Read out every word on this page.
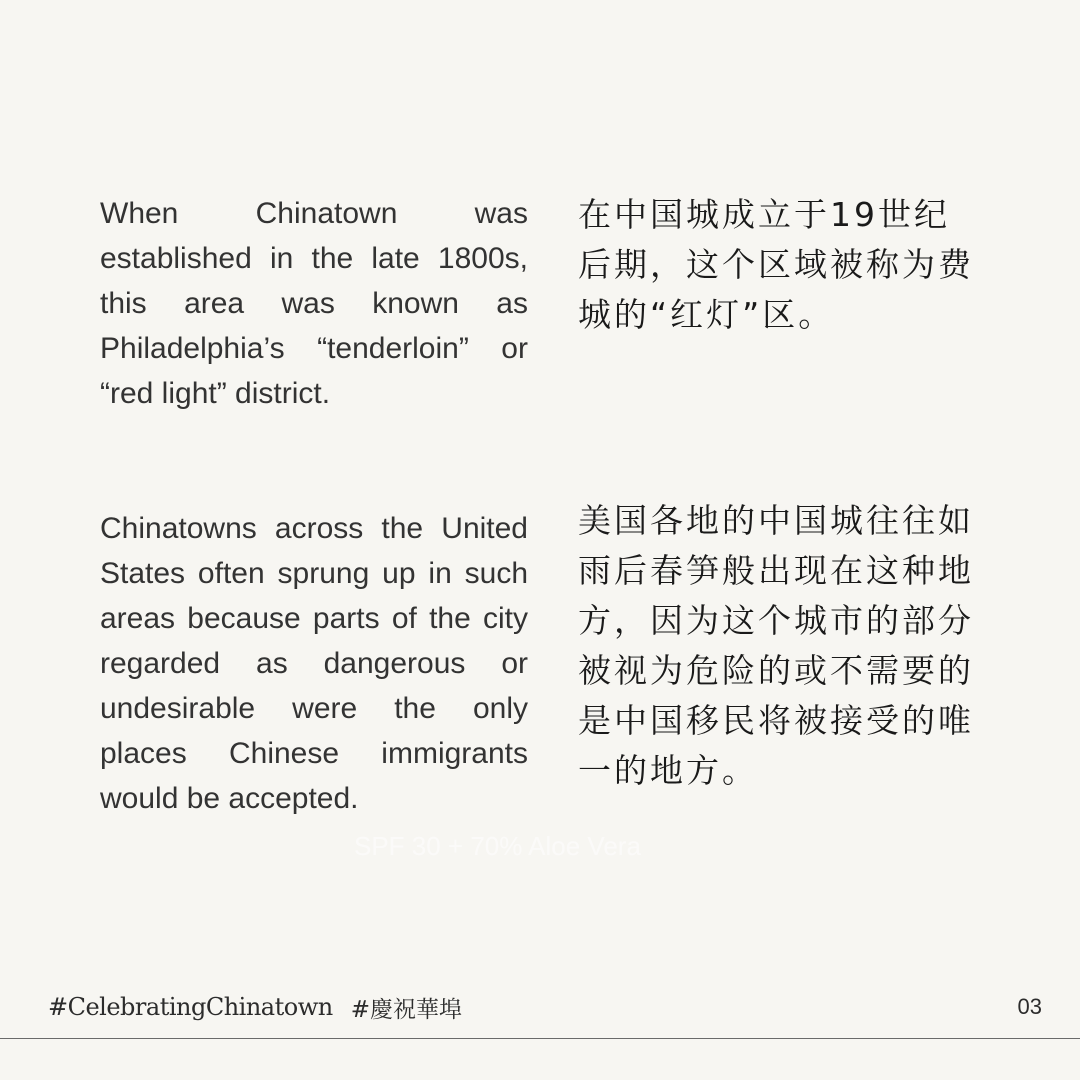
When Chinatown was established in the late 1800s, this area was known as Philadelphia’s “tenderloin” or “red light” district.

Chinatowns across the United States often sprung up in such areas because parts of the city regarded as dangerous or undesirable were the only places Chinese immigrants would be accepted.

在中国城成立于19世纪后期，这个区域被称为费城的“红灯”区。

美国各地的中国城往往如雨后春笋般出现在这种地方，因为这个城市的部分被视为危险的或不需要的是中国移民将被接受的唯一的地方。

SPF 30 + 70% Aloe Vera
#CelebratingChinatown #慶祝華埠	03
